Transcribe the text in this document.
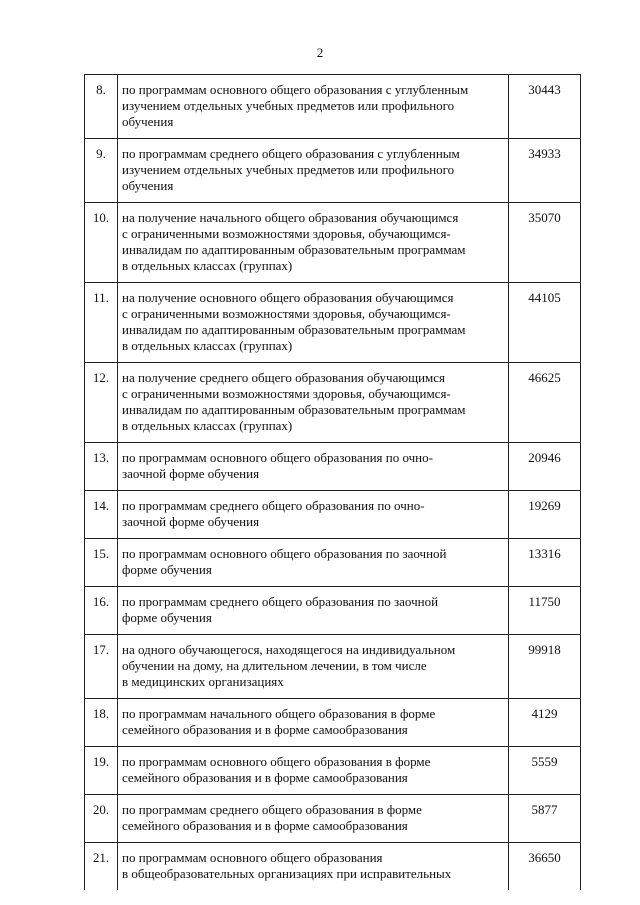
2
8.	по программам основного общего образования с углубленным
изучением отдельных учебных предметов или профильного
обучения	30443
9.	по программам среднего общего образования с углубленным
изучением отдельных учебных предметов или профильного
обучения	34933
10.	на получение начального общего образования обучающимся
с ограниченными возможностями здоровья, обучающимся-
инвалидам по адаптированным образовательным программам
в отдельных классах (группах)	35070
11.	на получение основного общего образования обучающимся
с ограниченными возможностями здоровья, обучающимся-
инвалидам по адаптированным образовательным программам
в отдельных классах (группах)	44105
12.	на получение среднего общего образования обучающимся
с ограниченными возможностями здоровья, обучающимся-
инвалидам по адаптированным образовательным программам
в отдельных классах (группах)	46625
13.	по программам основного общего образования по очно-
заочной форме обучения	20946
14.	по программам среднего общего образования по очно-
заочной форме обучения	19269
15.	по программам основного общего образования по заочной
форме обучения	13316
16.	по программам среднего общего образования по заочной
форме обучения	11750
17.	на одного обучающегося, находящегося на индивидуальном
обучении на дому, на длительном лечении, в том числе
в медицинских организациях	99918
18.	по программам начального общего образования в форме
семейного образования и в форме самообразования	4129
19.	по программам основного общего образования в форме
семейного образования и в форме самообразования	5559
20.	по программам среднего общего образования в форме
семейного образования и в форме самообразования	5877
21.	по программам основного общего образования
в общеобразовательных организациях при исправительных	36650
